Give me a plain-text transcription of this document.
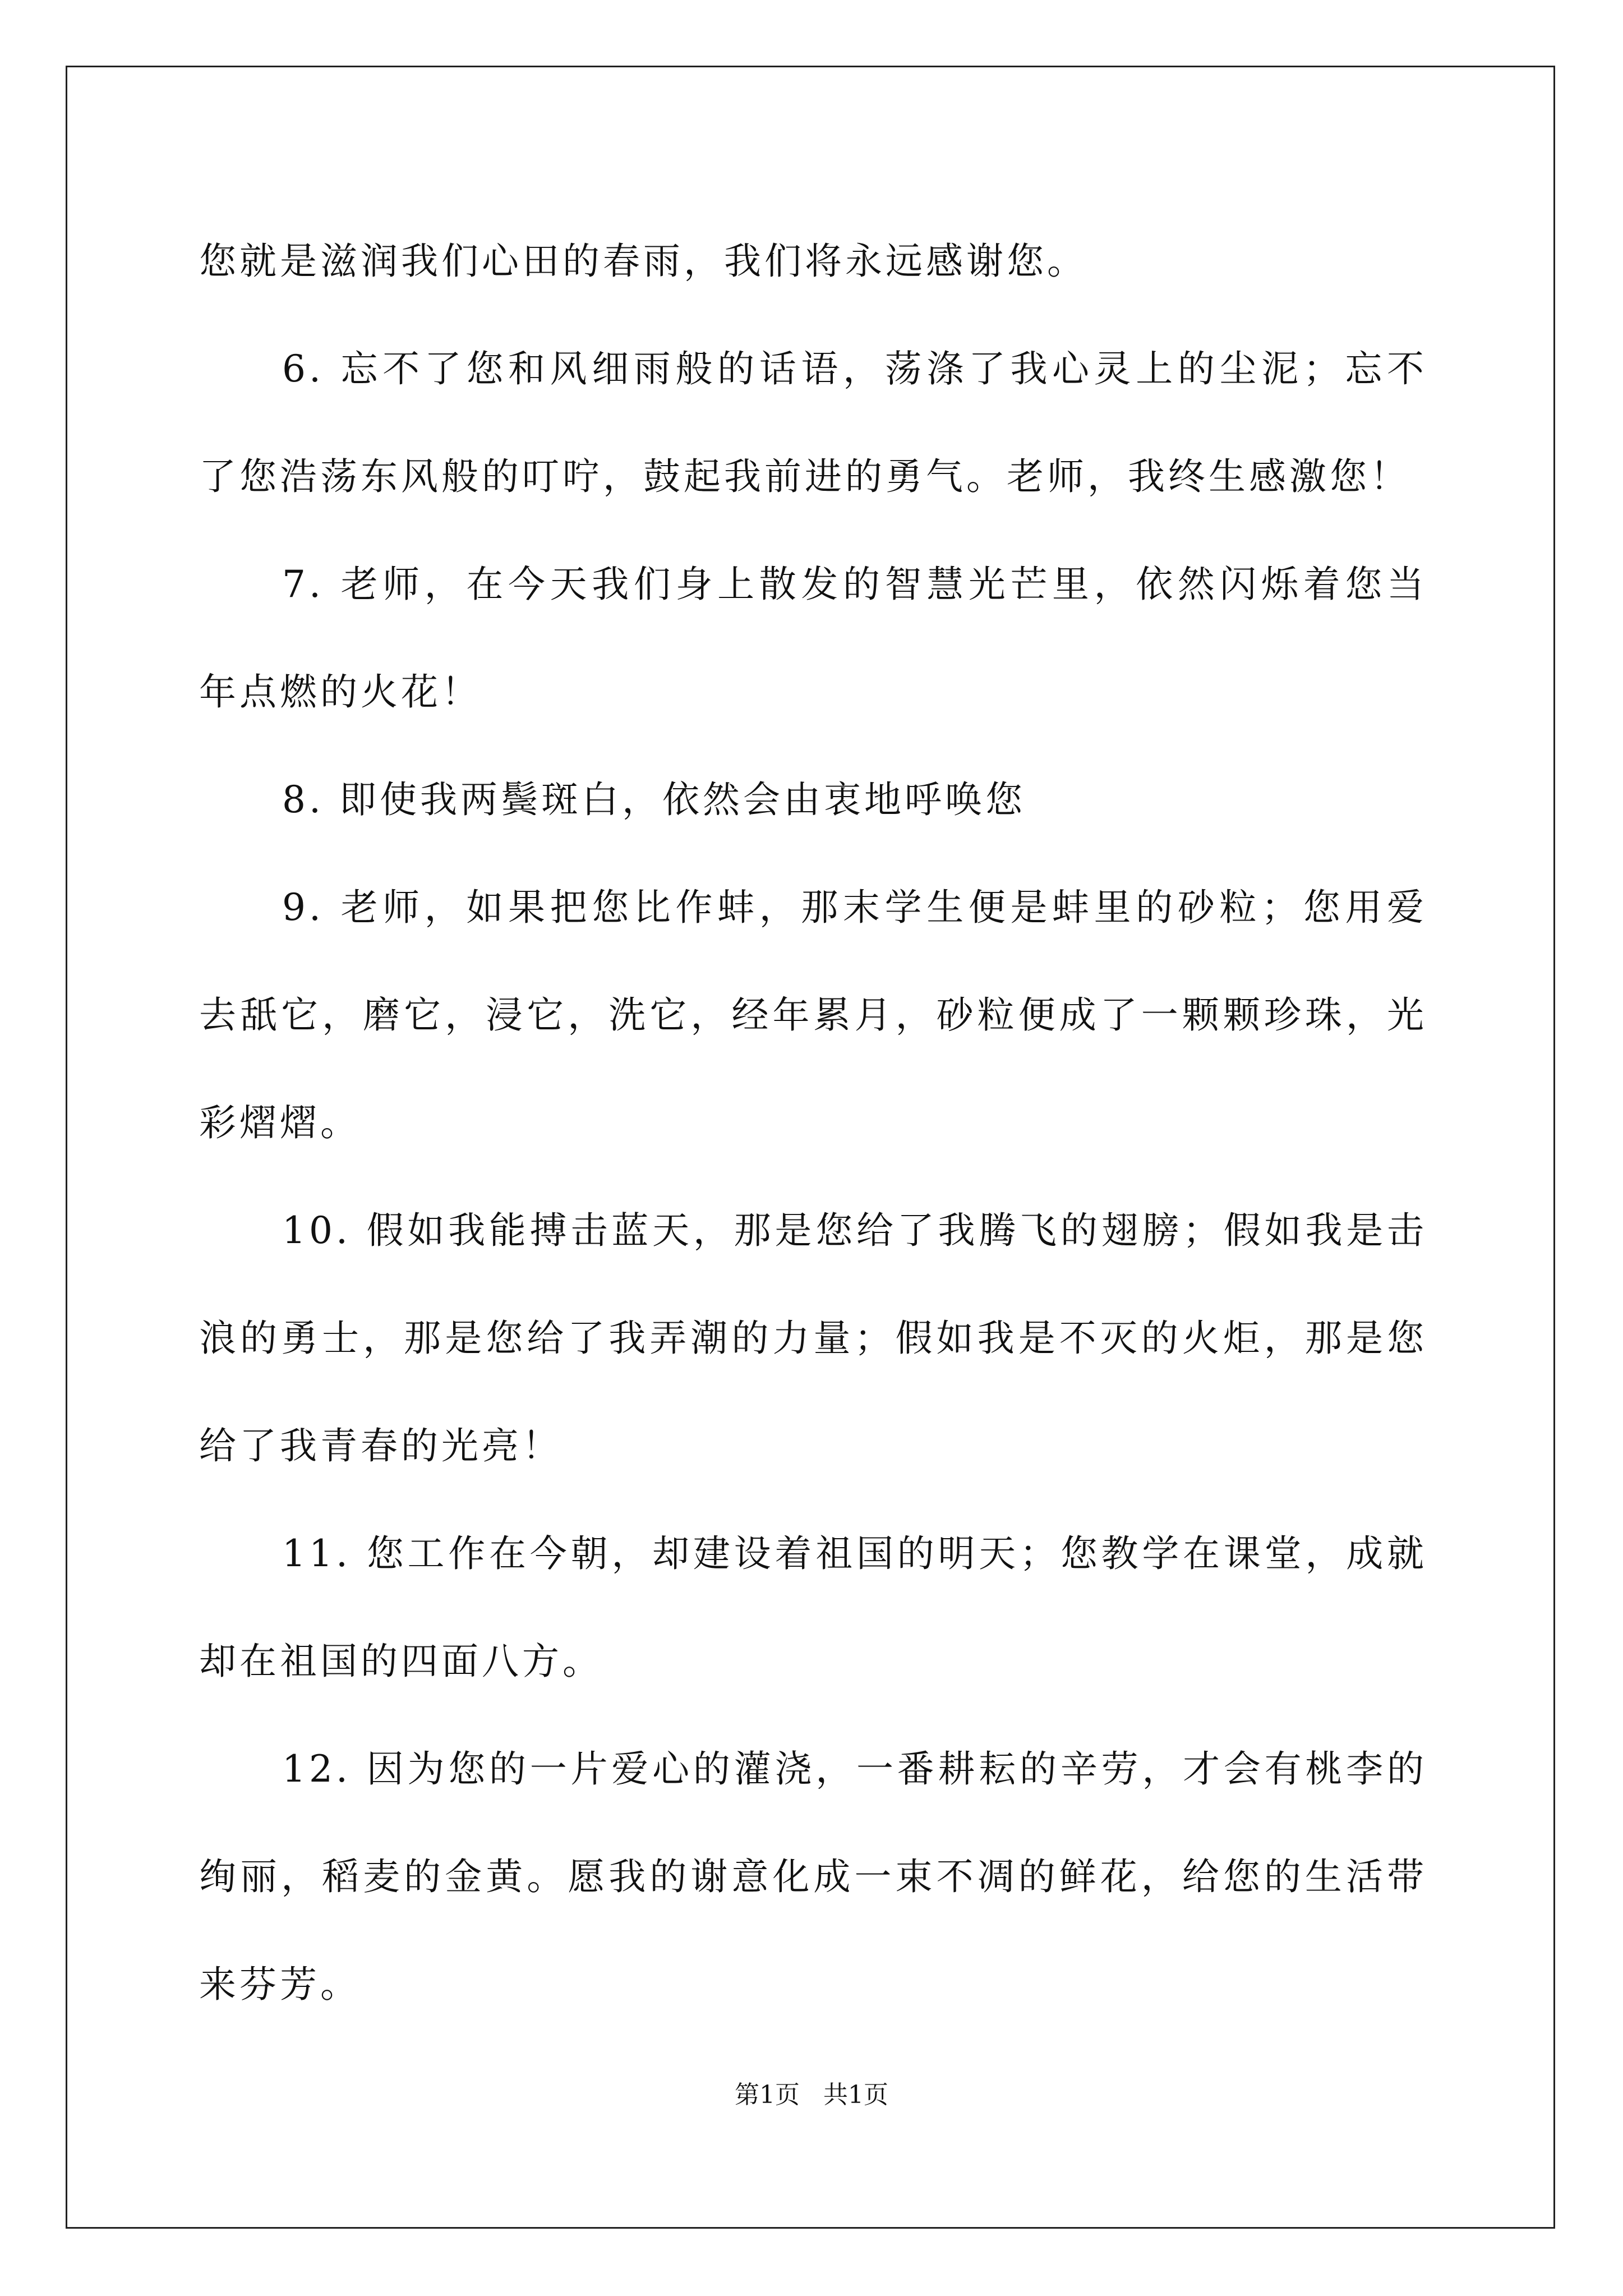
您就是滋润我们心田的春雨，我们将永远感谢您。

6. 忘不了您和风细雨般的话语，荡涤了我心灵上的尘泥；忘不了您浩荡东风般的叮咛，鼓起我前进的勇气。老师，我终生感激您！

7. 老师，在今天我们身上散发的智慧光芒里，依然闪烁着您当年点燃的火花！

8. 即使我两鬓斑白，依然会由衷地呼唤您

9. 老师，如果把您比作蚌，那末学生便是蚌里的砂粒；您用爱去舐它，磨它，浸它，洗它，经年累月，砂粒便成了一颗颗珍珠，光彩熠熠。

10. 假如我能搏击蓝天，那是您给了我腾飞的翅膀；假如我是击浪的勇士，那是您给了我弄潮的力量；假如我是不灭的火炬，那是您给了我青春的光亮！

11. 您工作在今朝，却建设着祖国的明天；您教学在课堂，成就却在祖国的四面八方。

12. 因为您的一片爱心的灌浇，一番耕耘的辛劳，才会有桃李的绚丽，稻麦的金黄。愿我的谢意化成一束不凋的鲜花，给您的生活带来芬芳。

第1页 共1页
